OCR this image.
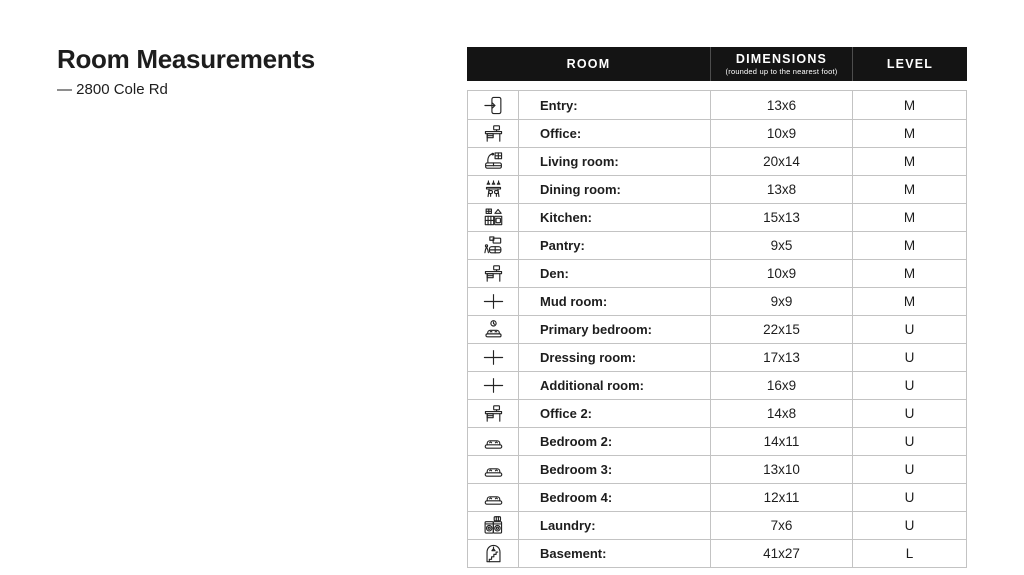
Room Measurements
— 2800 Cole Rd
ROOM	DIMENSIONS
(rounded up to the nearest foot)
LEVEL
Entry:	13x6	M
Office:	10x9	M
Living room:	20x14	M
Dining room:	13x8	M
Kitchen:	15x13	M
Pantry:	9x5	M
Den:	10x9	M
Mud room:	9x9	M
Primary bedroom:	22x15	U
Dressing room:	17x13	U
Additional room:	16x9	U
Office 2:	14x8	U
Bedroom 2:	14x11	U
Bedroom 3:	13x10	U
Bedroom 4:	12x11	U
Laundry:	7x6	U
Basement:	41x27	L
